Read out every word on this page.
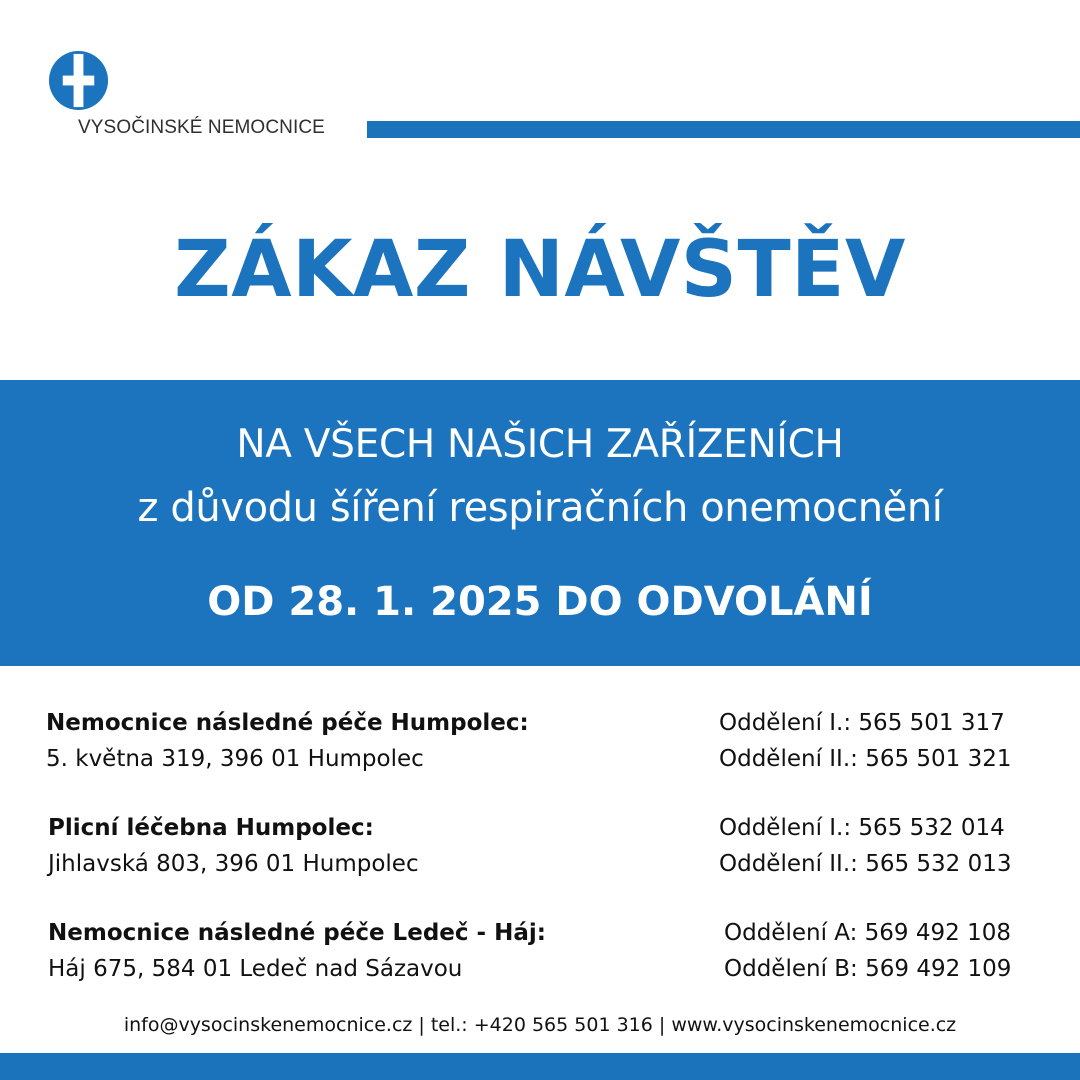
VYSOČINSKÉ NEMOCNICE
ZÁKAZ NÁVŠTĚV
NA VŠECH NAŠICH ZAŘÍZENÍCH
z důvodu šíření respiračních onemocnění
OD 28. 1. 2025 DO ODVOLÁNÍ
Nemocnice následné péče Humpolec:
5. května 319, 396 01 Humpolec
Oddělení I.: 565 501 317
Oddělení II.: 565 501 321
Plicní léčebna Humpolec:
Jihlavská 803, 396 01 Humpolec
Oddělení I.: 565 532 014
Oddělení II.: 565 532 013
Nemocnice následné péče Ledeč - Háj:
Háj 675, 584 01 Ledeč nad Sázavou
Oddělení A: 569 492 108
Oddělení B: 569 492 109
info@vysocinskenemocnice.cz | tel.: +420 565 501 316 | www.vysocinskenemocnice.cz
